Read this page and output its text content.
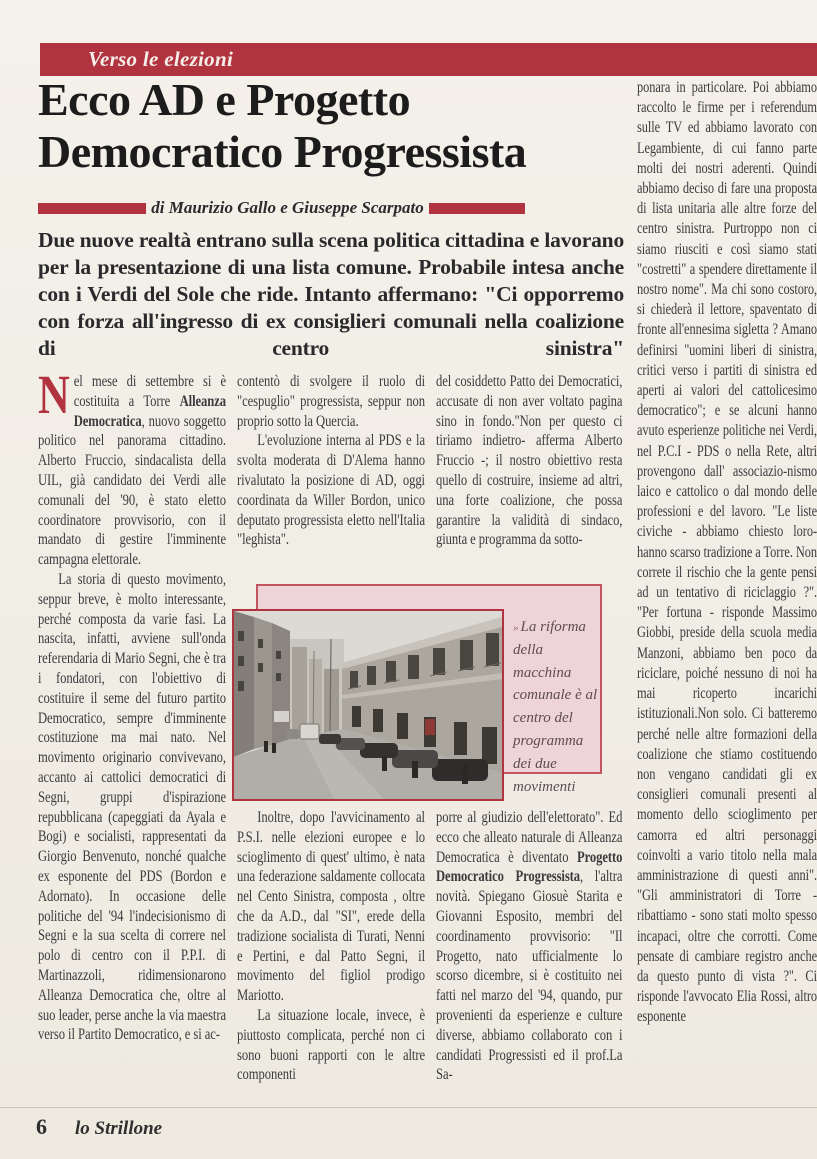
Verso le elezioni
Ecco AD e Progetto
Democratico Progressista
di Maurizio Gallo e Giuseppe Scarpato
Due nuove realtà entrano sulla scena politica cittadina e lavorano per la presentazione di una lista comune. Probabile intesa anche con i Verdi del Sole che ride. Intanto affermano: "Ci opporremo con forza all'ingresso di ex consiglieri comunali nella coalizione di centro sinistra"

Nel mese di settembre si è costituita a Torre Alleanza Democratica, nuovo soggetto politico nel panorama cittadino. Alberto Fruccio, sindacalista della UIL, già candidato dei Verdi alle comunali del '90, è stato eletto coordinatore provvisorio, con il mandato di gestire l'imminente campagna elettorale.

La storia di questo movimento, seppur breve, è molto interessante, perché composta da varie fasi. La nascita, infatti, avviene sull'onda referendaria di Mario Segni, che è tra i fondatori, con l'obiettivo di costituire il seme del futuro partito Democratico, sempre d'imminente costituzione ma mai nato. Nel movimento originario convivevano, accanto ai cattolici democratici di Segni, gruppi d'ispirazione repubblicana (capeggiati da Ayala e Bogi) e socialisti, rappresentati da Giorgio Benvenuto, nonché qualche ex esponente del PDS (Bordon e Adornato). In occasione delle politiche del '94 l'indecisionismo di Segni e la sua scelta di correre nel polo di centro con il P.P.I. di Martinazzoli, ridimensionarono Alleanza Democratica che, oltre al suo leader, perse anche la via maestra verso il Partito Democratico, e si ac-

contentò di svolgere il ruolo di "cespuglio" progressista, seppur non proprio sotto la Quercia.

L'evoluzione interna al PDS e la svolta moderata di D'Alema hanno rivalutato la posizione di AD, oggi coordinata da Willer Bordon, unico deputato progressista eletto nell'Italia "leghista".

del cosiddetto Patto dei Democratici, accusate di non aver voltato pagina sino in fondo."Non per questo ci tiriamo indietro- afferma Alberto Fruccio -; il nostro obiettivo resta quello di costruire, insieme ad altri, una forte coalizione, che possa garantire la validità di sindaco, giunta e programma da sotto-

» La riforma della macchina comunale è al centro del programma dei due movimenti

Inoltre, dopo l'avvicinamento al P.S.I. nelle elezioni europee e lo scioglimento di quest' ultimo, è nata una federazione saldamente collocata nel Cento Sinistra, composta , oltre che da A.D., dal "SI", erede della tradizione socialista di Turati, Nenni e Pertini, e dal Patto Segni, il movimento del figliol prodigo Mariotto.

La situazione locale, invece, è piuttosto complicata, perché non ci sono buoni rapporti con le altre componenti

porre al giudizio dell'elettorato". Ed ecco che alleato naturale di Alleanza Democratica è diventato Progetto Democratico Progressista, l'altra novità. Spiegano Giosuè Starita e Giovanni Esposito, membri del coordinamento provvisorio: "Il Progetto, nato ufficialmente lo scorso dicembre, si è costituito nei fatti nel marzo del '94, quando, pur provenienti da esperienze e culture diverse, abbiamo collaborato con i candidati Progressisti ed il prof.La Sa-

ponara in particolare. Poi abbiamo raccolto le firme per i referendum sulle TV ed abbiamo lavorato con Legambiente, di cui fanno parte molti dei nostri aderenti. Quindi abbiamo deciso di fare una proposta di lista unitaria alle altre forze del centro sinistra. Purtroppo non ci siamo riusciti e così siamo stati "costretti" a spendere direttamente il nostro nome". Ma chi sono costoro, si chiederà il lettore, spaventato di fronte all'ennesima sigletta ? Amano definirsi "uomini liberi di sinistra, critici verso i partiti di sinistra ed aperti ai valori del cattolicesimo democratico"; e se alcuni hanno avuto esperienze politiche nei Verdi, nel P.C.I - PDS o nella Rete, altri provengono dall' associazio-nismo laico e cattolico o dal mondo delle professioni e del lavoro. "Le liste civiche - abbiamo chiesto loro- hanno scarso tradizione a Torre. Non correte il rischio che la gente pensi ad un tentativo di riciclaggio ?". "Per fortuna - risponde Massimo Giobbi, preside della scuola media Manzoni, abbiamo ben poco da riciclare, poiché nessuno di noi ha mai ricoperto incarichi istituzionali.Non solo. Ci batteremo perché nelle altre formazioni della coalizione che stiamo costituendo non vengano candidati gli ex consiglieri comunali presenti al momento dello scioglimento per camorra ed altri personaggi coinvolti a vario titolo nella mala amministrazione di questi anni". "Gli amministratori di Torre - ribattiamo - sono stati molto spesso incapaci, oltre che corrotti. Come pensate di cambiare registro anche da questo punto di vista ?". Ci risponde l'avvocato Elia Rossi, altro esponente

6 lo Strillone
